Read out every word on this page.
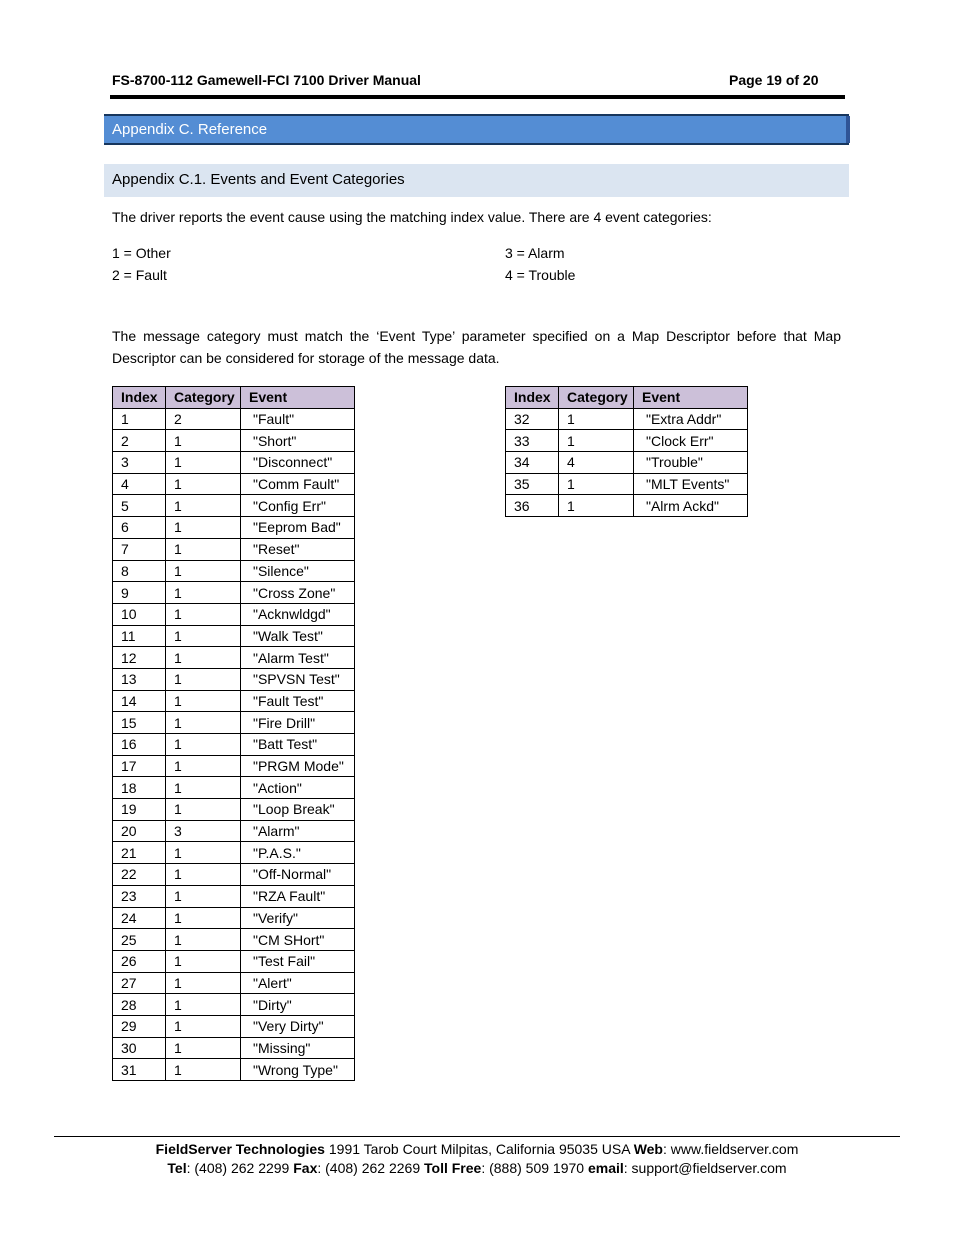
FS-8700-112 Gamewell-FCI 7100 Driver Manual	Page 19 of 20
Appendix C. Reference
Appendix C.1. Events and Event Categories
The driver reports the event cause using the matching index value. There are 4 event categories:
1 = Other
2 = Fault
3 = Alarm
4 = Trouble
The message category must match the ‘Event Type’ parameter specified on a Map Descriptor before that Map Descriptor can be considered for storage of the message data.
Index	Category	Event
1	2	"Fault"
2	1	"Short"
3	1	"Disconnect"
4	1	"Comm Fault"
5	1	"Config Err"
6	1	"Eeprom Bad"
7	1	"Reset"
8	1	"Silence"
9	1	"Cross Zone"
10	1	"Acknwldgd"
11	1	"Walk Test"
12	1	"Alarm Test"
13	1	"SPVSN Test"
14	1	"Fault Test"
15	1	"Fire Drill"
16	1	"Batt Test"
17	1	"PRGM Mode"
18	1	"Action"
19	1	"Loop Break"
20	3	"Alarm"
21	1	"P.A.S."
22	1	"Off-Normal"
23	1	"RZA Fault"
24	1	"Verify"
25	1	"CM SHort"
26	1	"Test Fail"
27	1	"Alert"
28	1	"Dirty"
29	1	"Very Dirty"
30	1	"Missing"
31	1	"Wrong Type"
Index	Category	Event
32	1	"Extra Addr"
33	1	"Clock Err"
34	4	"Trouble"
35	1	"MLT Events"
36	1	"Alrm Ackd"
FieldServer Technologies 1991 Tarob Court Milpitas, California 95035 USA Web: www.fieldserver.com
Tel: (408) 262 2299 Fax: (408) 262 2269 Toll Free: (888) 509 1970 email: support@fieldserver.com
